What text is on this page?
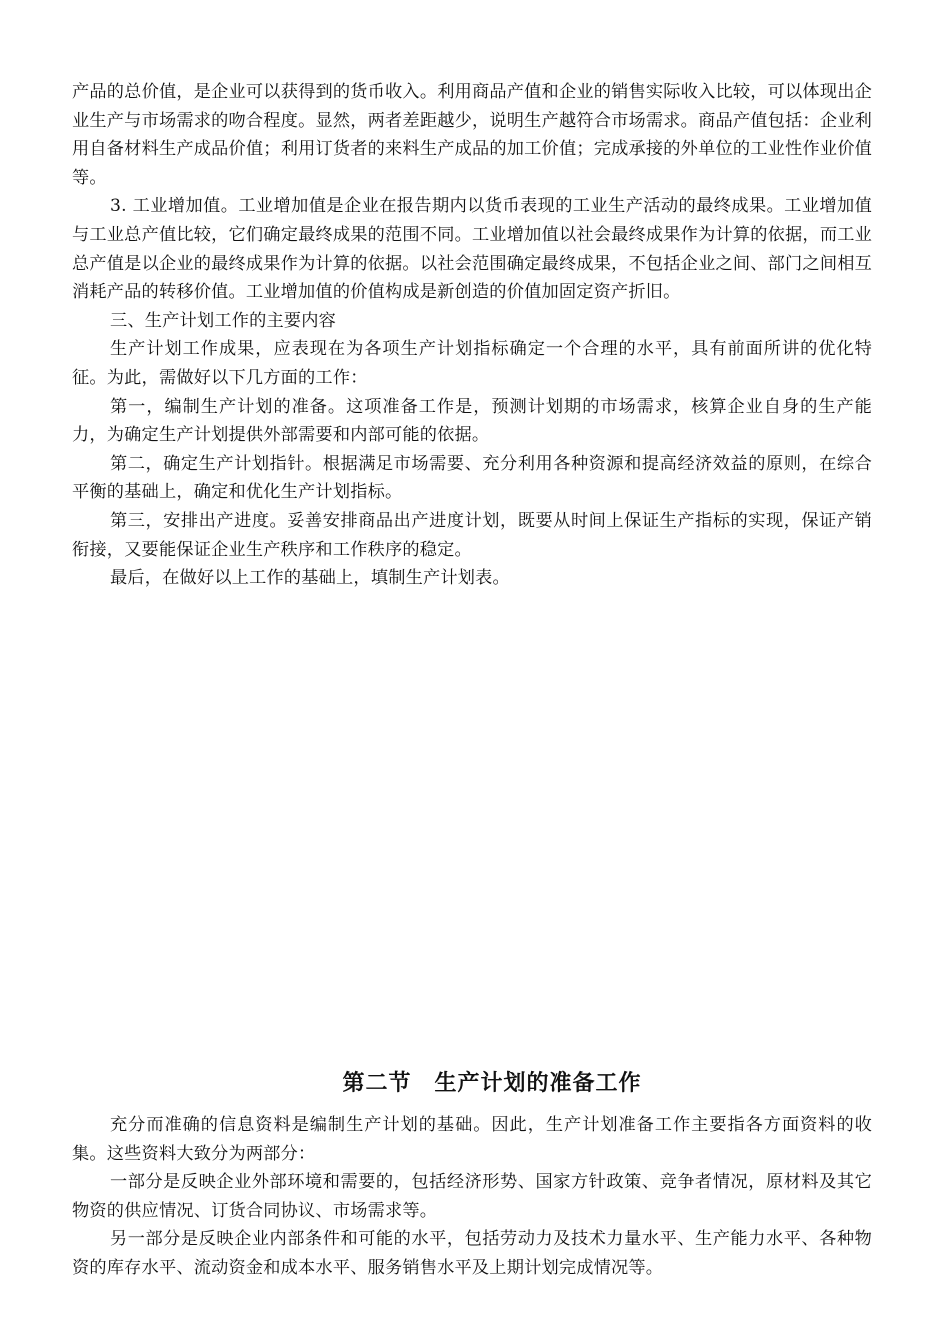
产品的总价值，是企业可以获得到的货币收入。利用商品产值和企业的销售实际收入比较，可以体现出企业生产与市场需求的吻合程度。显然，两者差距越少，说明生产越符合市场需求。商品产值包括：企业利用自备材料生产成品价值；利用订货者的来料生产成品的加工价值；完成承接的外单位的工业性作业价值等。

3. 工业增加值。工业增加值是企业在报告期内以货币表现的工业生产活动的最终成果。工业增加值与工业总产值比较，它们确定最终成果的范围不同。工业增加值以社会最终成果作为计算的依据，而工业总产值是以企业的最终成果作为计算的依据。以社会范围确定最终成果，不包括企业之间、部门之间相互消耗产品的转移价值。工业增加值的价值构成是新创造的价值加固定资产折旧。

三、生产计划工作的主要内容

生产计划工作成果，应表现在为各项生产计划指标确定一个合理的水平，具有前面所讲的优化特征。为此，需做好以下几方面的工作：

第一，编制生产计划的准备。这项准备工作是，预测计划期的市场需求，核算企业自身的生产能力，为确定生产计划提供外部需要和内部可能的依据。

第二，确定生产计划指针。根据满足市场需要、充分利用各种资源和提高经济效益的原则，在综合平衡的基础上，确定和优化生产计划指标。

第三，安排出产进度。妥善安排商品出产进度计划，既要从时间上保证生产指标的实现，保证产销衔接，又要能保证企业生产秩序和工作秩序的稳定。

最后，在做好以上工作的基础上，填制生产计划表。

第二节　生产计划的准备工作

充分而准确的信息资料是编制生产计划的基础。因此，生产计划准备工作主要指各方面资料的收集。这些资料大致分为两部分：

一部分是反映企业外部环境和需要的，包括经济形势、国家方针政策、竞争者情况，原材料及其它物资的供应情况、订货合同协议、市场需求等。

另一部分是反映企业内部条件和可能的水平，包括劳动力及技术力量水平、生产能力水平、各种物资的库存水平、流动资金和成本水平、服务销售水平及上期计划完成情况等。
